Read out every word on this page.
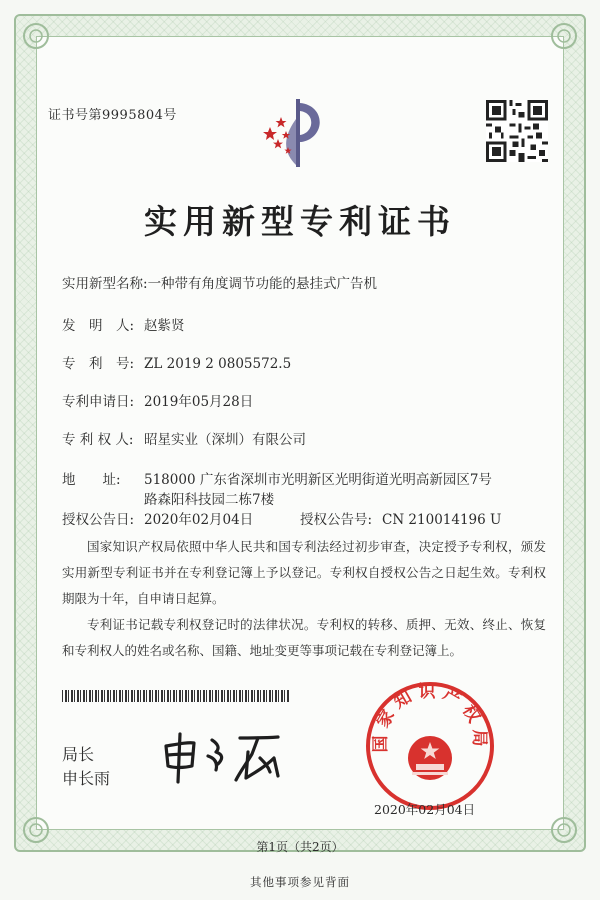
证书号第9995804号
实用新型专利证书
实用新型名称:一种带有角度调节功能的悬挂式广告机
发　明　人: 赵紫贤
专　利　号: ZL 2019 2 0805572.5
专利申请日: 2019年05月28日
专 利 权 人: 昭星实业（深圳）有限公司
地　　址: 518000 广东省深圳市光明新区光明街道光明高新园区7号
路森阳科技园二栋7楼
授权公告日: 2020年02月04日	授权公告号: CN 210014196 U

国家知识产权局依照中华人民共和国专利法经过初步审查，决定授予专利权，颁发实用新型专利证书并在专利登记簿上予以登记。专利权自授权公告之日起生效。专利权期限为十年，自申请日起算。

专利证书记载专利权登记时的法律状况。专利权的转移、质押、无效、终止、恢复和专利权人的姓名或名称、国籍、地址变更等事项记载在专利登记簿上。

局长
申长雨
国家知识产权局
2020年02月04日
第1页（共2页）
其他事项参见背面
